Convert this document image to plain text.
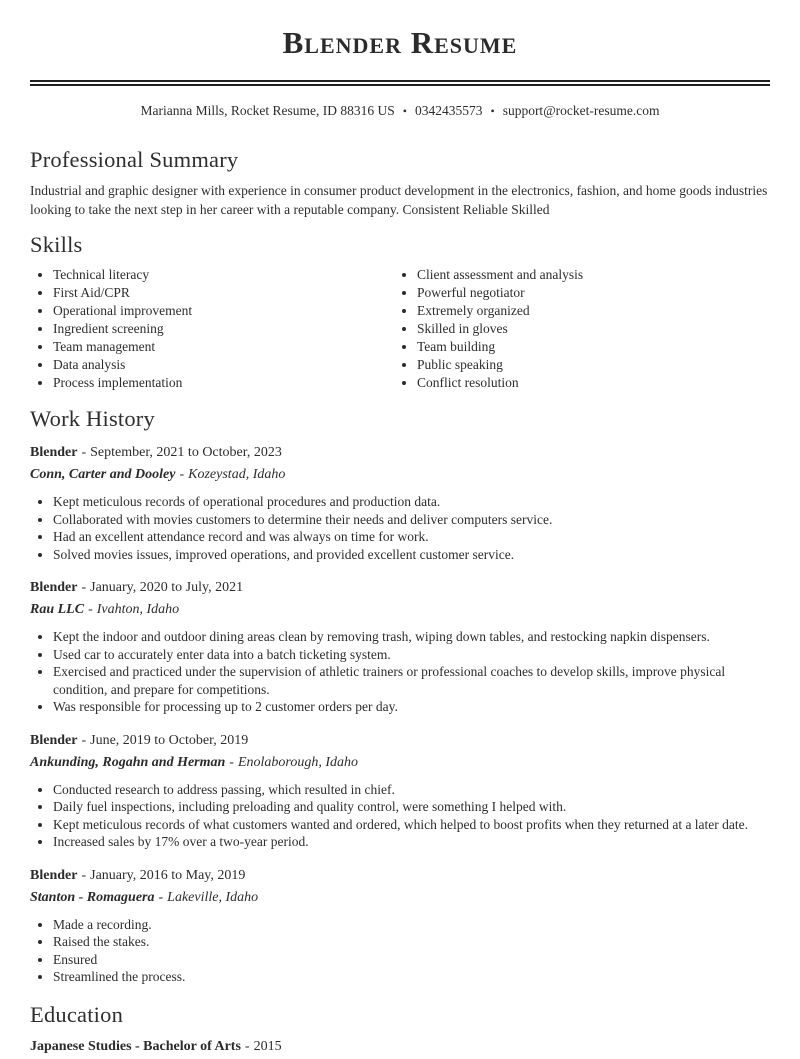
Blender Resume

Marianna Mills, Rocket Resume, ID 88316 US • 0342435573 • support@rocket-resume.com

Professional Summary

Industrial and graphic designer with experience in consumer product development in the electronics, fashion, and home goods industries looking to take the next step in her career with a reputable company. Consistent Reliable Skilled

Skills
• Technical literacy
• First Aid/CPR
• Operational improvement
• Ingredient screening
• Team management
• Data analysis
• Process implementation
• Client assessment and analysis
• Powerful negotiator
• Extremely organized
• Skilled in gloves
• Team building
• Public speaking
• Conflict resolution
Work History

Blender - September, 2021 to October, 2023

Conn, Carter and Dooley - Kozeystad, Idaho

• Kept meticulous records of operational procedures and production data.
• Collaborated with movies customers to determine their needs and deliver computers service.
• Had an excellent attendance record and was always on time for work.
• Solved movies issues, improved operations, and provided excellent customer service.

Blender - January, 2020 to July, 2021

Rau LLC - Ivahton, Idaho

• Kept the indoor and outdoor dining areas clean by removing trash, wiping down tables, and restocking napkin dispensers.
• Used car to accurately enter data into a batch ticketing system.
• Exercised and practiced under the supervision of athletic trainers or professional coaches to develop skills, improve physical condition, and prepare for competitions.
• Was responsible for processing up to 2 customer orders per day.

Blender - June, 2019 to October, 2019

Ankunding, Rogahn and Herman - Enolaborough, Idaho

• Conducted research to address passing, which resulted in chief.
• Daily fuel inspections, including preloading and quality control, were something I helped with.
• Kept meticulous records of what customers wanted and ordered, which helped to boost profits when they returned at a later date.
• Increased sales by 17% over a two-year period.

Blender - January, 2016 to May, 2019

Stanton - Romaguera - Lakeville, Idaho

• Made a recording.
• Raised the stakes.
• Ensured
• Streamlined the process.
Education

Japanese Studies - Bachelor of Arts - 2015
